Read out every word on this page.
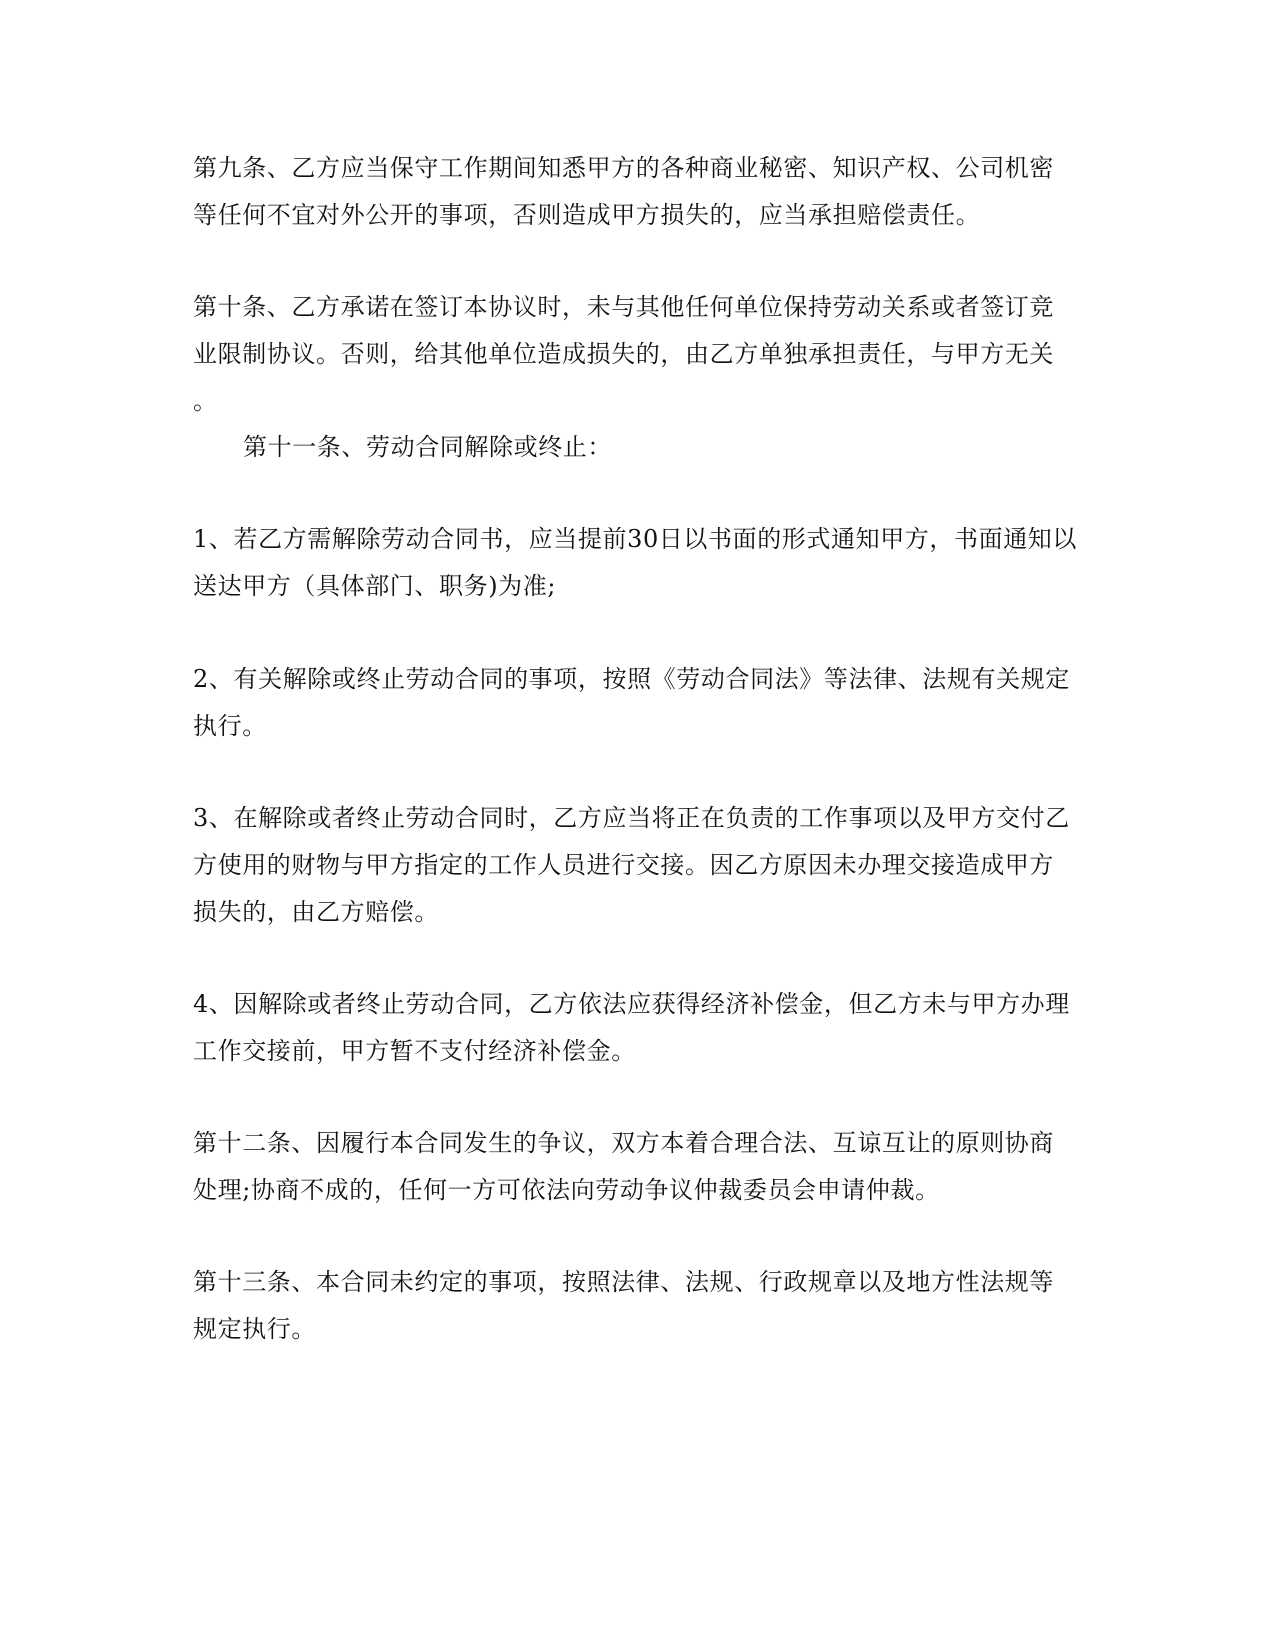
第九条、乙方应当保守工作期间知悉甲方的各种商业秘密、知识产权、公司机密
等任何不宜对外公开的事项，否则造成甲方损失的，应当承担赔偿责任。
第十条、乙方承诺在签订本协议时，未与其他任何单位保持劳动关系或者签订竞
业限制协议。否则，给其他单位造成损失的，由乙方单独承担责任，与甲方无关
。
第十一条、劳动合同解除或终止：
1、若乙方需解除劳动合同书，应当提前30日以书面的形式通知甲方，书面通知以
送达甲方（具体部门、职务)为准;
2、有关解除或终止劳动合同的事项，按照《劳动合同法》等法律、法规有关规定
执行。
3、在解除或者终止劳动合同时，乙方应当将正在负责的工作事项以及甲方交付乙
方使用的财物与甲方指定的工作人员进行交接。因乙方原因未办理交接造成甲方
损失的，由乙方赔偿。
4、因解除或者终止劳动合同，乙方依法应获得经济补偿金，但乙方未与甲方办理
工作交接前，甲方暂不支付经济补偿金。
第十二条、因履行本合同发生的争议，双方本着合理合法、互谅互让的原则协商
处理;协商不成的，任何一方可依法向劳动争议仲裁委员会申请仲裁。
第十三条、本合同未约定的事项，按照法律、法规、行政规章以及地方性法规等
规定执行。
